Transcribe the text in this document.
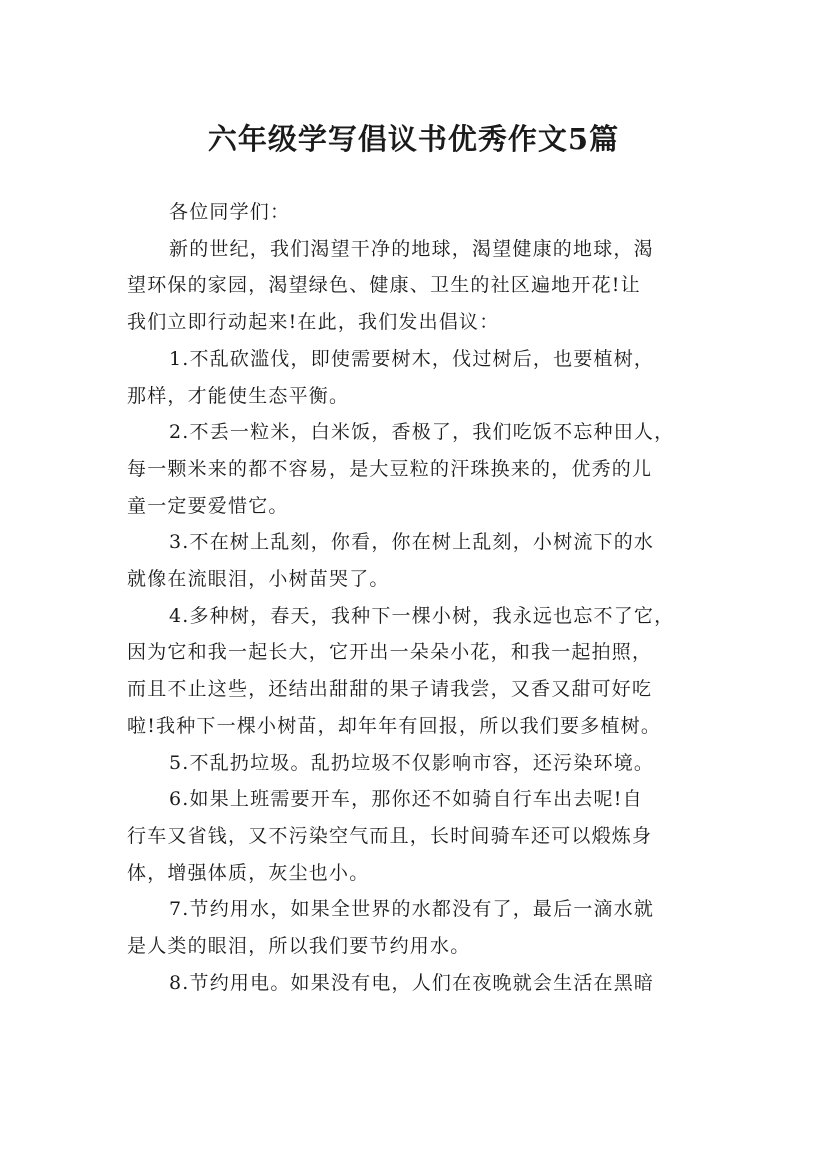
六年级学写倡议书优秀作文5篇

各位同学们：

新的世纪，我们渴望干净的地球，渴望健康的地球，渴
望环保的家园，渴望绿色、健康、卫生的社区遍地开花!让
我们立即行动起来!在此，我们发出倡议：

1.不乱砍滥伐，即使需要树木，伐过树后，也要植树，
那样，才能使生态平衡。

2.不丢一粒米，白米饭，香极了，我们吃饭不忘种田人，
每一颗米来的都不容易，是大豆粒的汗珠换来的，优秀的儿
童一定要爱惜它。

3.不在树上乱刻，你看，你在树上乱刻，小树流下的水
就像在流眼泪，小树苗哭了。

4.多种树，春天，我种下一棵小树，我永远也忘不了它，
因为它和我一起长大，它开出一朵朵小花，和我一起拍照，
而且不止这些，还结出甜甜的果子请我尝，又香又甜可好吃
啦!我种下一棵小树苗，却年年有回报，所以我们要多植树。

5.不乱扔垃圾。乱扔垃圾不仅影响市容，还污染环境。

6.如果上班需要开车，那你还不如骑自行车出去呢!自
行车又省钱，又不污染空气而且，长时间骑车还可以煅炼身
体，增强体质，灰尘也小。

7.节约用水，如果全世界的水都没有了，最后一滴水就
是人类的眼泪，所以我们要节约用水。

8.节约用电。如果没有电，人们在夜晚就会生活在黑暗
